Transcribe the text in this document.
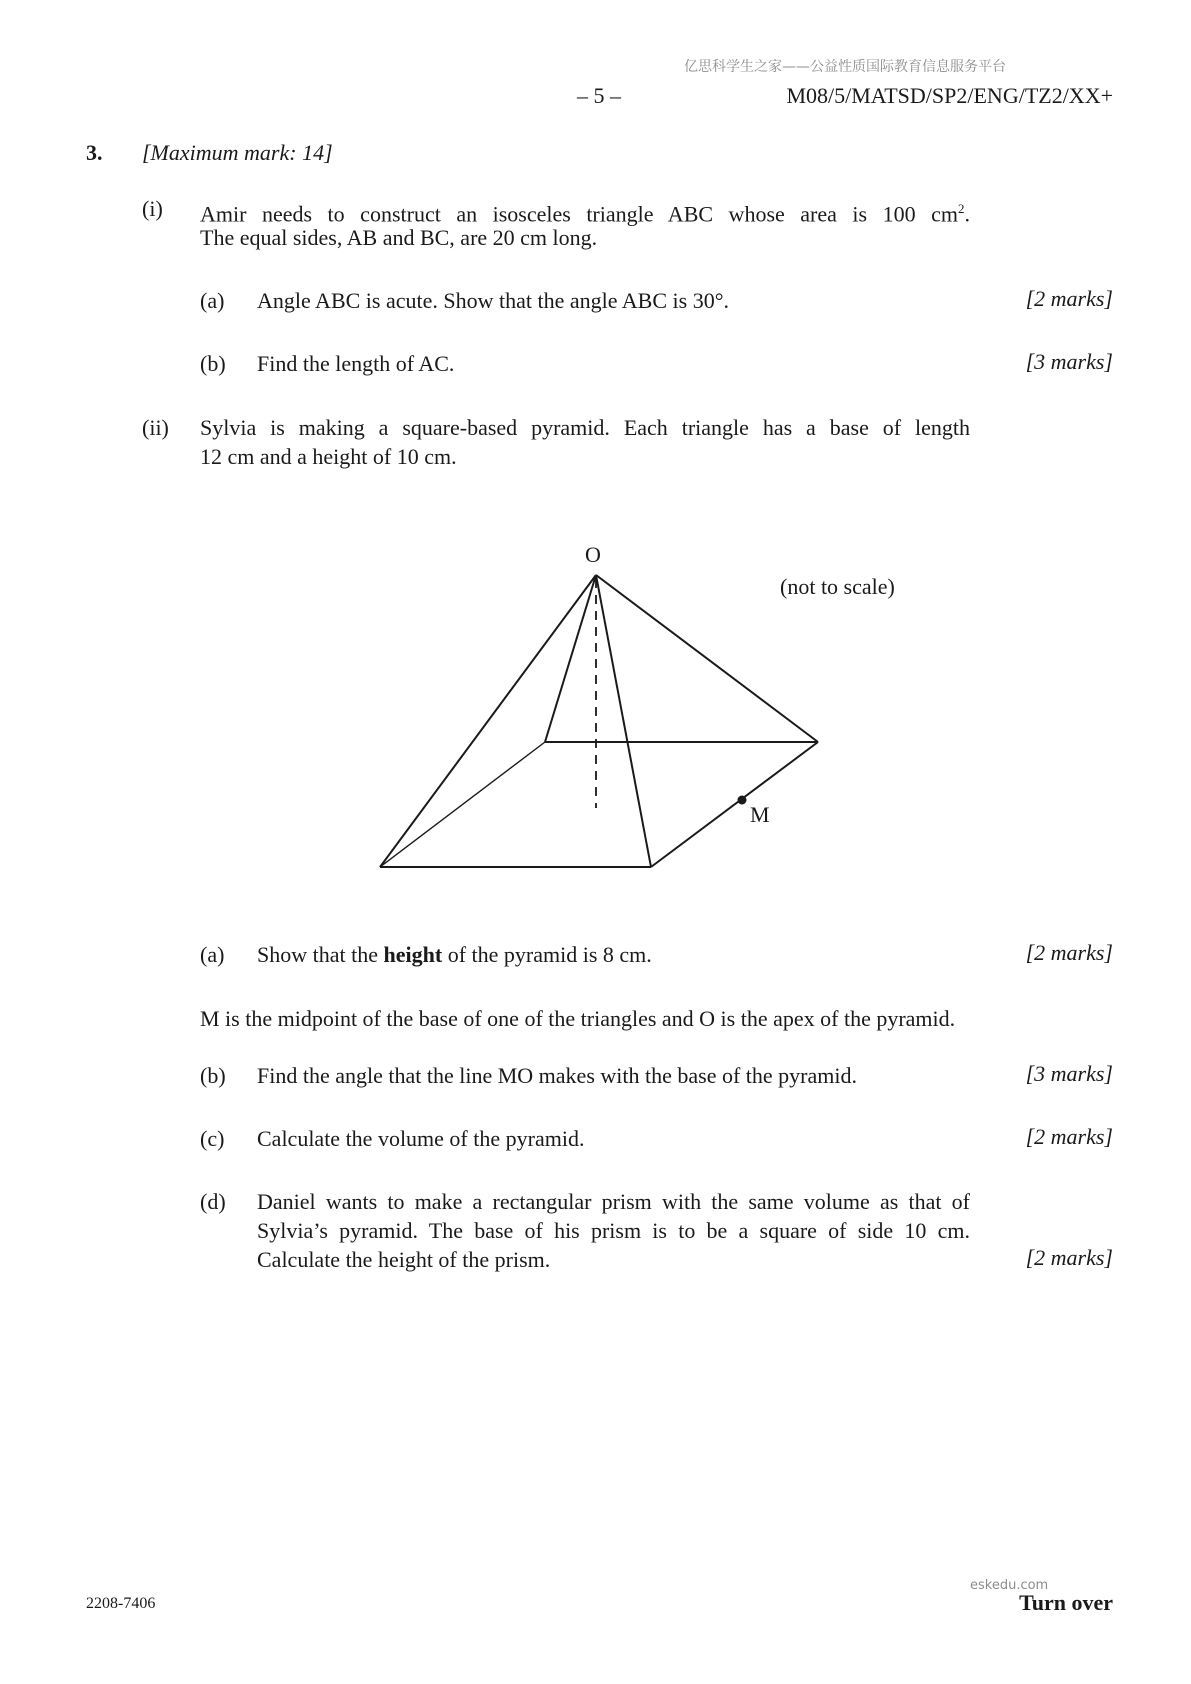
亿思科学生之家——公益性质国际教育信息服务平台
– 5 –	M08/5/MATSD/SP2/ENG/TZ2/XX+
3. [Maximum mark: 14]
(i) Amir needs to construct an isosceles triangle ABC whose area is 100 $cm^2$.
The equal sides, AB and BC, are 20 cm long.
(a) Angle ABC is acute. Show that the angle ABC is 30°.	[2 marks]
(b) Find the length of AC.	[3 marks]
(ii) Sylvia is making a square-based pyramid. Each triangle has a base of length
12 cm and a height of 10 cm.
O
M
(not to scale)
(a) Show that the height of the pyramid is 8 cm.	[2 marks]
M is the midpoint of the base of one of the triangles and O is the apex of the pyramid.
(b) Find the angle that the line MO makes with the base of the pyramid.	[3 marks]
(c) Calculate the volume of the pyramid.	[2 marks]
(d) Daniel wants to make a rectangular prism with the same volume as that of
Sylvia’s pyramid. The base of his prism is to be a square of side 10 cm.
Calculate the height of the prism.	[2 marks]
2208-7406
eskedu.com
Turn over
